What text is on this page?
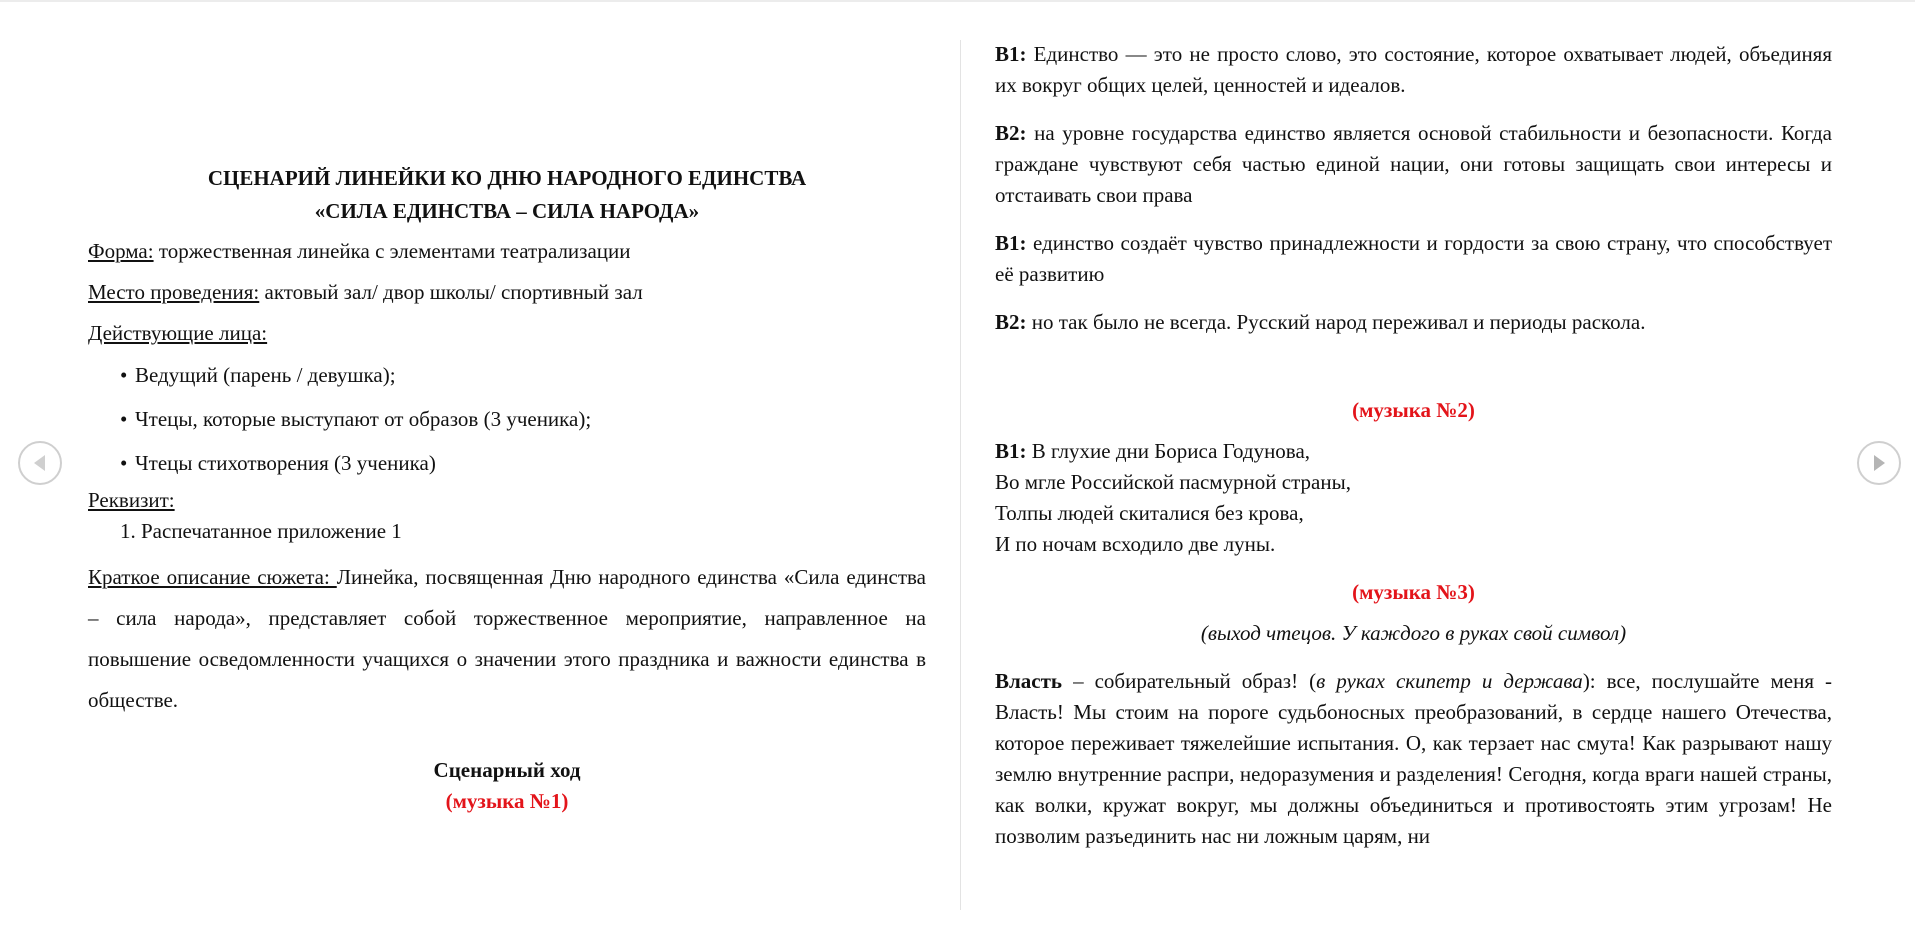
СЦЕНАРИЙ ЛИНЕЙКИ КО ДНЮ НАРОДНОГО ЕДИНСТВА
«СИЛА ЕДИНСТВА – СИЛА НАРОДА»

Форма: торжественная линейка с элементами театрализации

Место проведения: актовый зал/ двор школы/ спортивный зал

Действующие лица:

• Ведущий (парень / девушка);
• Чтецы, которые выступают от образов (3 ученика);
• Чтецы стихотворения (3 ученика)

Реквизит:

1. Распечатанное приложение 1

Краткое описание сюжета: Линейка, посвященная Дню народного единства «Сила единства – сила народа», представляет собой торжественное мероприятие, направленное на повышение осведомленности учащихся о значении этого праздника и важности единства в обществе.

Сценарный ход

(музыка №1)

В1: Единство — это не просто слово, это состояние, которое охватывает людей, объединяя их вокруг общих целей, ценностей и идеалов.

В2: на уровне государства единство является основой стабильности и безопасности. Когда граждане чувствуют себя частью единой нации, они готовы защищать свои интересы и отстаивать свои права

В1: единство создаёт чувство принадлежности и гордости за свою страну, что способствует её развитию

В2: но так было не всегда. Русский народ переживал и периоды раскола.

(музыка №2)

В1: В глухие дни Бориса Годунова,

Во мгле Российской пасмурной страны,

Толпы людей скиталися без крова,

И по ночам всходило две луны.

(музыка №3)

(выход чтецов. У каждого в руках свой символ)

Власть – собирательный образ! (в руках скипетр и держава): все, послушайте меня - Власть! Мы стоим на пороге судьбоносных преобразований, в сердце нашего Отечества, которое переживает тяжелейшие испытания. О, как терзает нас смута! Как разрывают нашу землю внутренние распри, недоразумения и разделения! Сегодня, когда враги нашей страны, как волки, кружат вокруг, мы должны объединиться и противостоять этим угрозам! Не позволим разъединить нас ни ложным царям, ни
